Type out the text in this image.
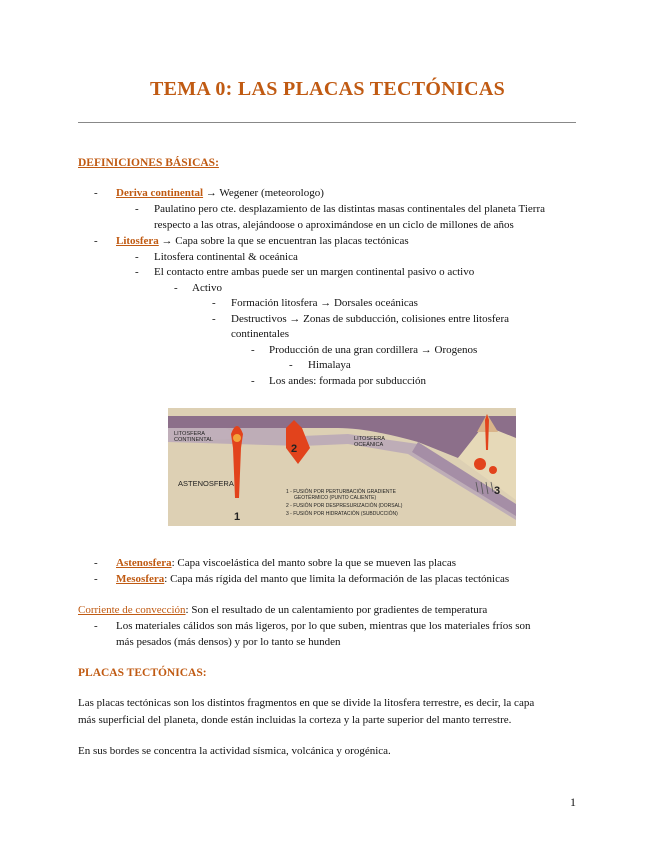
TEMA 0: LAS PLACAS TECTÓNICAS
DEFINICIONES BÁSICAS:
- Deriva continental → Wegener (meteorologo)
- Paulatino pero cte. desplazamiento de las distintas masas continentales del planeta Tierra
respecto a las otras, alejándoose o aproximándose en un ciclo de millones de años
- Litosfera → Capa sobre la que se encuentran las placas tectónicas
- Litosfera continental & oceánica
- El contacto entre ambas puede ser un margen continental pasivo o activo
- Activo
- Formación litosfera → Dorsales oceánicas
- Destructivos → Zonas de subducción, colisiones entre litosfera
continentales
- Producción de una gran cordillera → Orogenos
- Himalaya
- Los andes: formada por subducción
LITOSFERA
CONTINENTAL	LITOSFERA
OCEÁNICA
ASTENOSFERA
1 - FUSIÓN POR PERTURBACIÓN GRADIENTE
GEOTÉRMICO (PUNTO CALIENTE)
2 - FUSIÓN POR DESPRESURIZACIÓN (DORSAL)
3 - FUSIÓN POR HIDRATACIÓN (SUBDUCCIÓN)
1
2
3
- Astenosfera: Capa viscoelástica del manto sobre la que se mueven las placas
- Mesosfera: Capa más rígida del manto que limita la deformación de las placas tectónicas
Corriente de convección: Son el resultado de un calentamiento por gradientes de temperatura
- Los materiales cálidos son más ligeros, por lo que suben, mientras que los materiales fríos son
más pesados (más densos) y por lo tanto se hunden
PLACAS TECTÓNICAS:
Las placas tectónicas son los distintos fragmentos en que se divide la litosfera terrestre, es decir, la capa
más superficial del planeta, donde están incluidas la corteza y la parte superior del manto terrestre.
En sus bordes se concentra la actividad sísmica, volcánica y orogénica.
1
